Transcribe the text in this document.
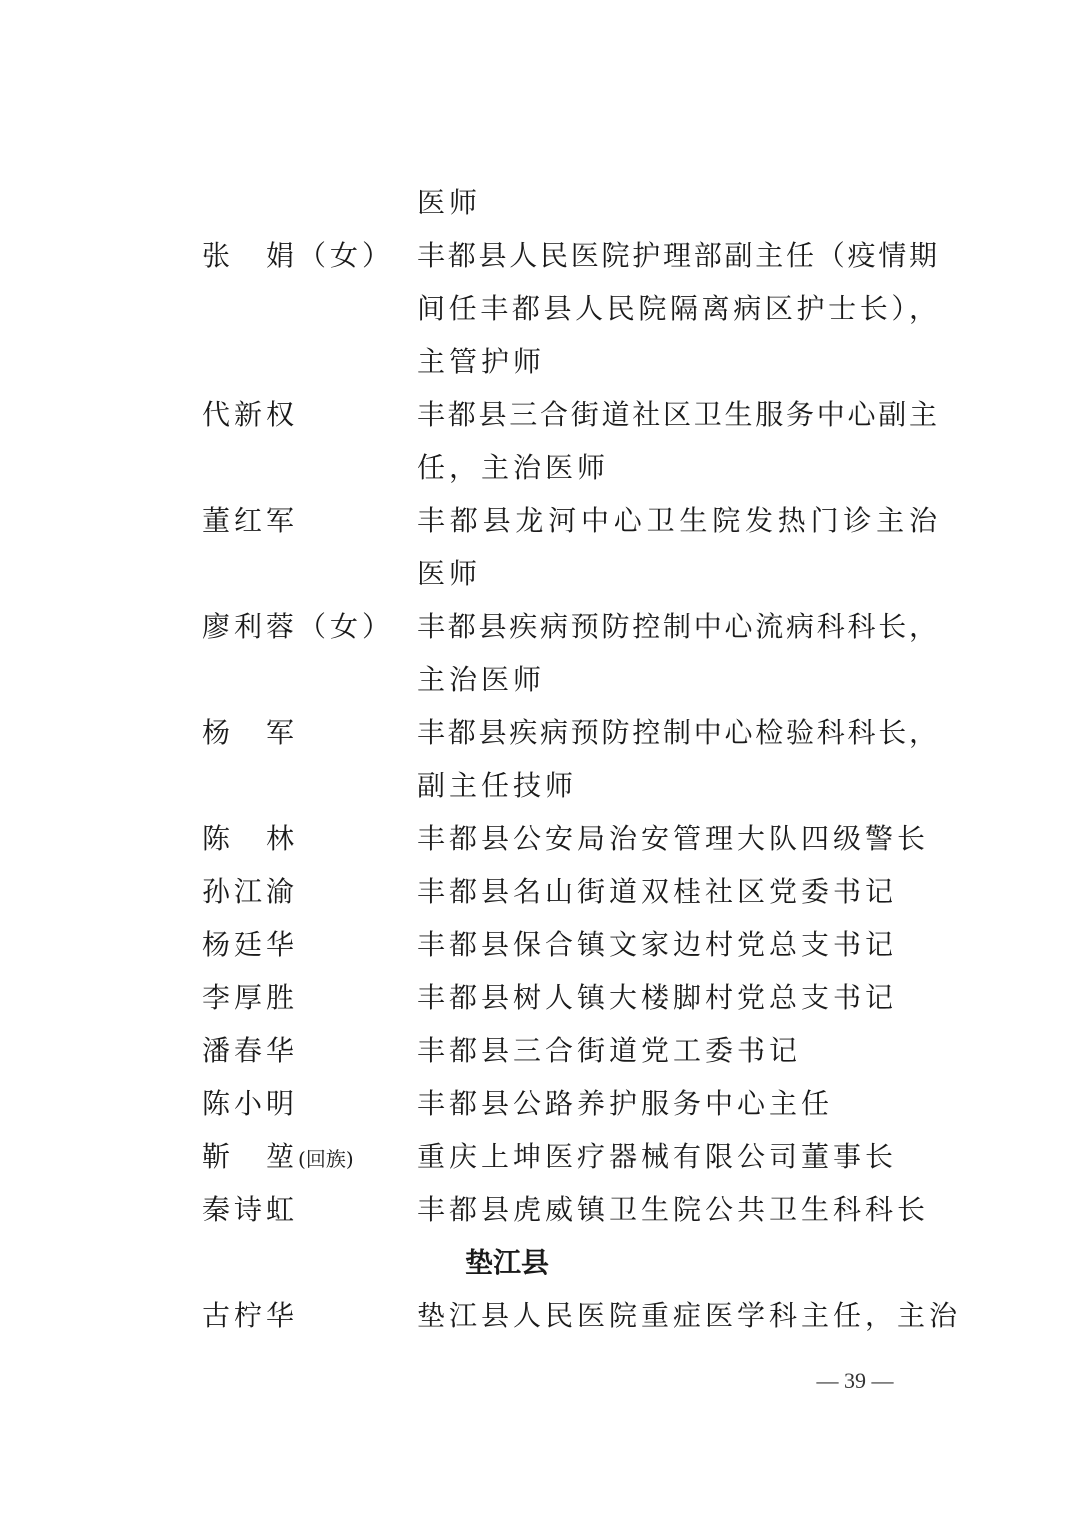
医师
张　娟（女） 丰都县人民医院护理部副主任（疫情期
间任丰都县人民院隔离病区护士长），
主管护师
代新权	丰都县三合街道社区卫生服务中心副主
任，主治医师
董红军	丰都县龙河中心卫生院发热门诊主治
医师
廖利蓉（女） 丰都县疾病预防控制中心流病科科长，
主治医师
杨　军	丰都县疾病预防控制中心检验科科长，
副主任技师
陈　林	丰都县公安局治安管理大队四级警长
孙江渝	丰都县名山街道双桂社区党委书记
杨廷华	丰都县保合镇文家边村党总支书记
李厚胜	丰都县树人镇大楼脚村党总支书记
潘春华	丰都县三合街道党工委书记
陈小明	丰都县公路养护服务中心主任
靳　堃(回族) 重庆上坤医疗器械有限公司董事长
秦诗虹	丰都县虎威镇卫生院公共卫生科科长
垫江县
古柠华	垫江县人民医院重症医学科主任，主治
— 39 —
